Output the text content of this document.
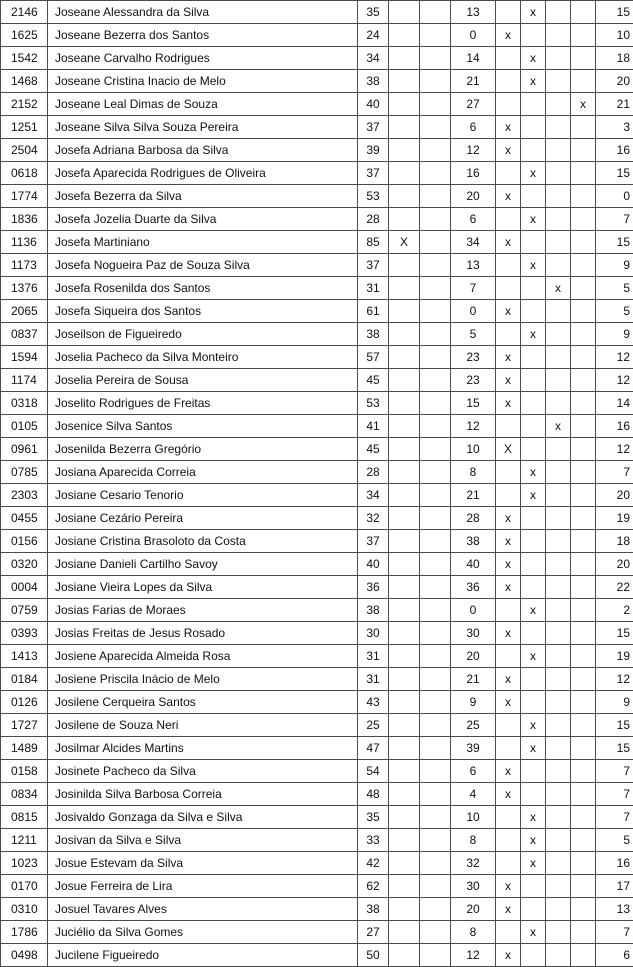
2146	Joseane Alessandra da Silva	35			13		x			15
1625	Joseane Bezerra dos Santos	24			0	x				10
1542	Joseane Carvalho Rodrigues	34			14		x			18
1468	Joseane Cristina Inacio de Melo	38			21		x			20
2152	Joseane Leal Dimas de Souza	40			27				x	21
1251	Joseane Silva Silva Souza Pereira	37			6	x				3
2504	Josefa Adriana Barbosa da Silva	39			12	x				16
0618	Josefa Aparecida Rodrigues de Oliveira	37			16		x			15
1774	Josefa Bezerra da Silva	53			20	x				0
1836	Josefa Jozelia Duarte da Silva	28			6		x			7
1136	Josefa Martiniano	85	X		34	x				15
1173	Josefa Nogueira Paz de Souza Silva	37			13		x			9
1376	Josefa Rosenilda dos Santos	31			7			x		5
2065	Josefa Siqueira dos Santos	61			0	x				5
0837	Joseilson de Figueiredo	38			5		x			9
1594	Joselia Pacheco da Silva Monteiro	57			23	x				12
1174	Joselia Pereira de Sousa	45			23	x				12
0318	Joselito Rodrigues de Freitas	53			15	x				14
0105	Josenice Silva Santos	41			12			x		16
0961	Josenilda Bezerra Gregório	45			10	X				12
0785	Josiana Aparecida Correia	28			8		x			7
2303	Josiane Cesario Tenorio	34			21		x			20
0455	Josiane Cezário Pereira	32			28	x				19
0156	Josiane Cristina Brasoloto da Costa	37			38	x				18
0320	Josiane Danieli Cartilho Savoy	40			40	x				20
0004	Josiane Vieira Lopes da Silva	36			36	x				22
0759	Josias Farias de Moraes	38			0		x			2
0393	Josias Freitas de Jesus Rosado	30			30	x				15
1413	Josiene Aparecida Almeida Rosa	31			20		x			19
0184	Josiene Priscila Inácio de Melo	31			21	x				12
0126	Josilene Cerqueira Santos	43			9	x				9
1727	Josilene de Souza Neri	25			25		x			15
1489	Josilmar Alcides Martins	47			39		x			15
0158	Josinete Pacheco da Silva	54			6	x				7
0834	Josinilda Silva Barbosa Correia	48			4	x				7
0815	Josivaldo Gonzaga da Silva e Silva	35			10		x			7
1211	Josivan da Silva e Silva	33			8		x			5
1023	Josue Estevam da Silva	42			32		x			16
0170	Josue Ferreira de Lira	62			30	x				17
0310	Josuel Tavares Alves	38			20	x				13
1786	Juciélio da Silva Gomes	27			8		x			7
0498	Jucilene Figueiredo	50			12	x				6
